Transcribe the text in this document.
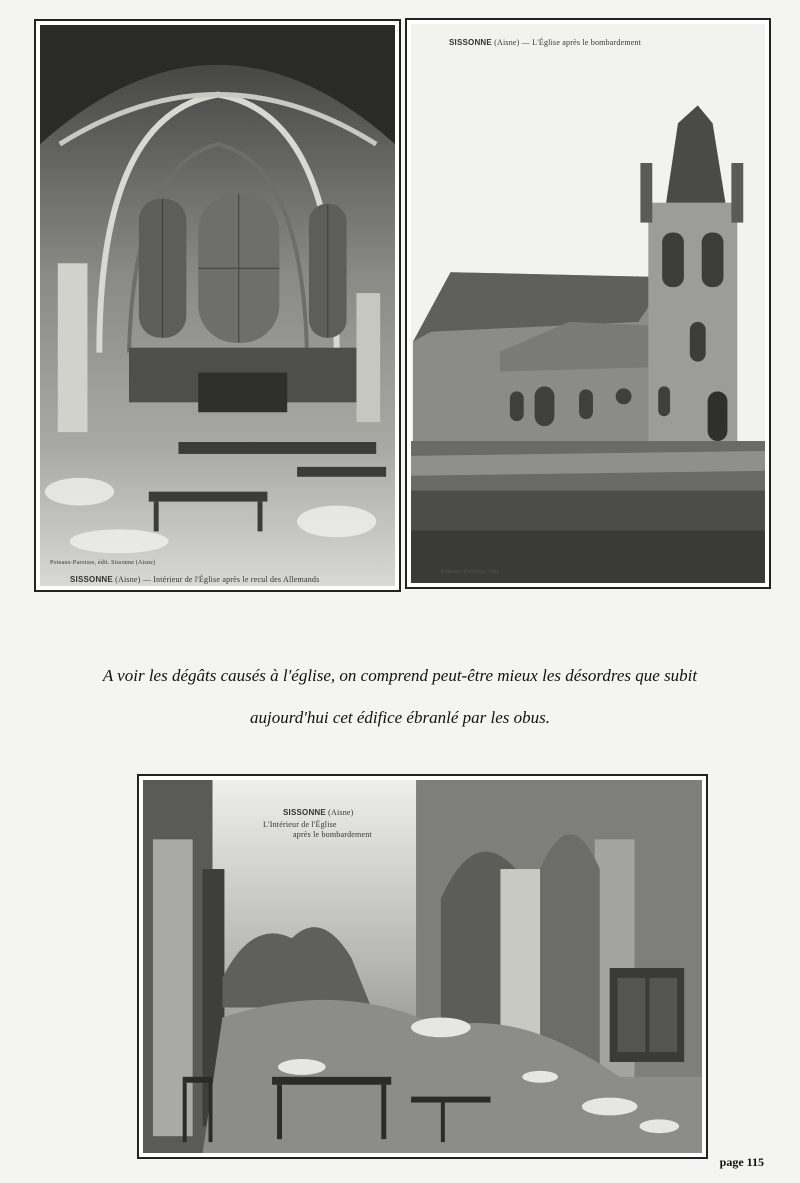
Poteaux-Paroisse, édit. Sissonne (Aisne)
SISSONNE (Aisne) — Intérieur de l'Église après le recul des Allemands
SISSONNE (Aisne) — L'Église après le bombardement
Poteaux-Paroisse, édit.
A voir les dégâts causés à l'église, on comprend peut-être mieux les désordres que subit
aujourd'hui cet édifice ébranlé par les obus.
SISSONNE (Aisne)
L'Intérieur de l'Église
après le bombardement
page 115
